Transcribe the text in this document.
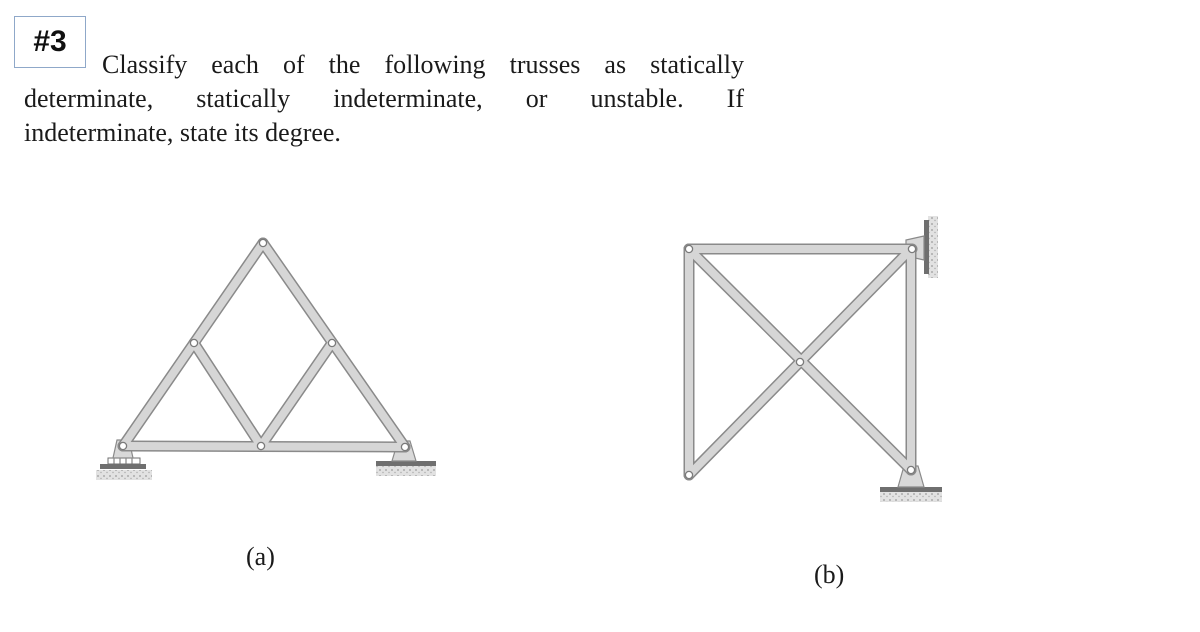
#3
Classify each of the following trusses as statically
determinate, statically indeterminate, or unstable. If
indeterminate, state its degree.
(a)
(b)
